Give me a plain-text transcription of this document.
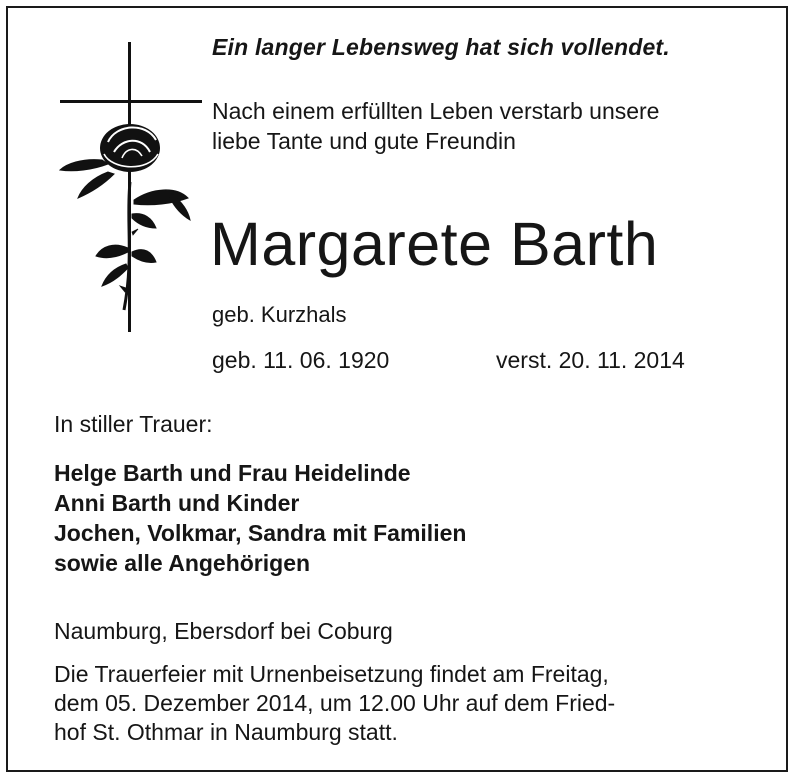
Ein langer Lebensweg hat sich vollendet.

Nach einem erfüllten Leben verstarb unsere
liebe Tante und gute Freundin

Margarete Barth

geb. Kurzhals

geb. 11. 06. 1920	verst. 20. 11. 2014

In stiller Trauer:

Helge Barth und Frau Heidelinde
Anni Barth und Kinder
Jochen, Volkmar, Sandra mit Familien
sowie alle Angehörigen

Naumburg, Ebersdorf bei Coburg

Die Trauerfeier mit Urnenbeisetzung findet am Freitag,
dem 05. Dezember 2014, um 12.00 Uhr auf dem Fried-
hof St. Othmar in Naumburg statt.
